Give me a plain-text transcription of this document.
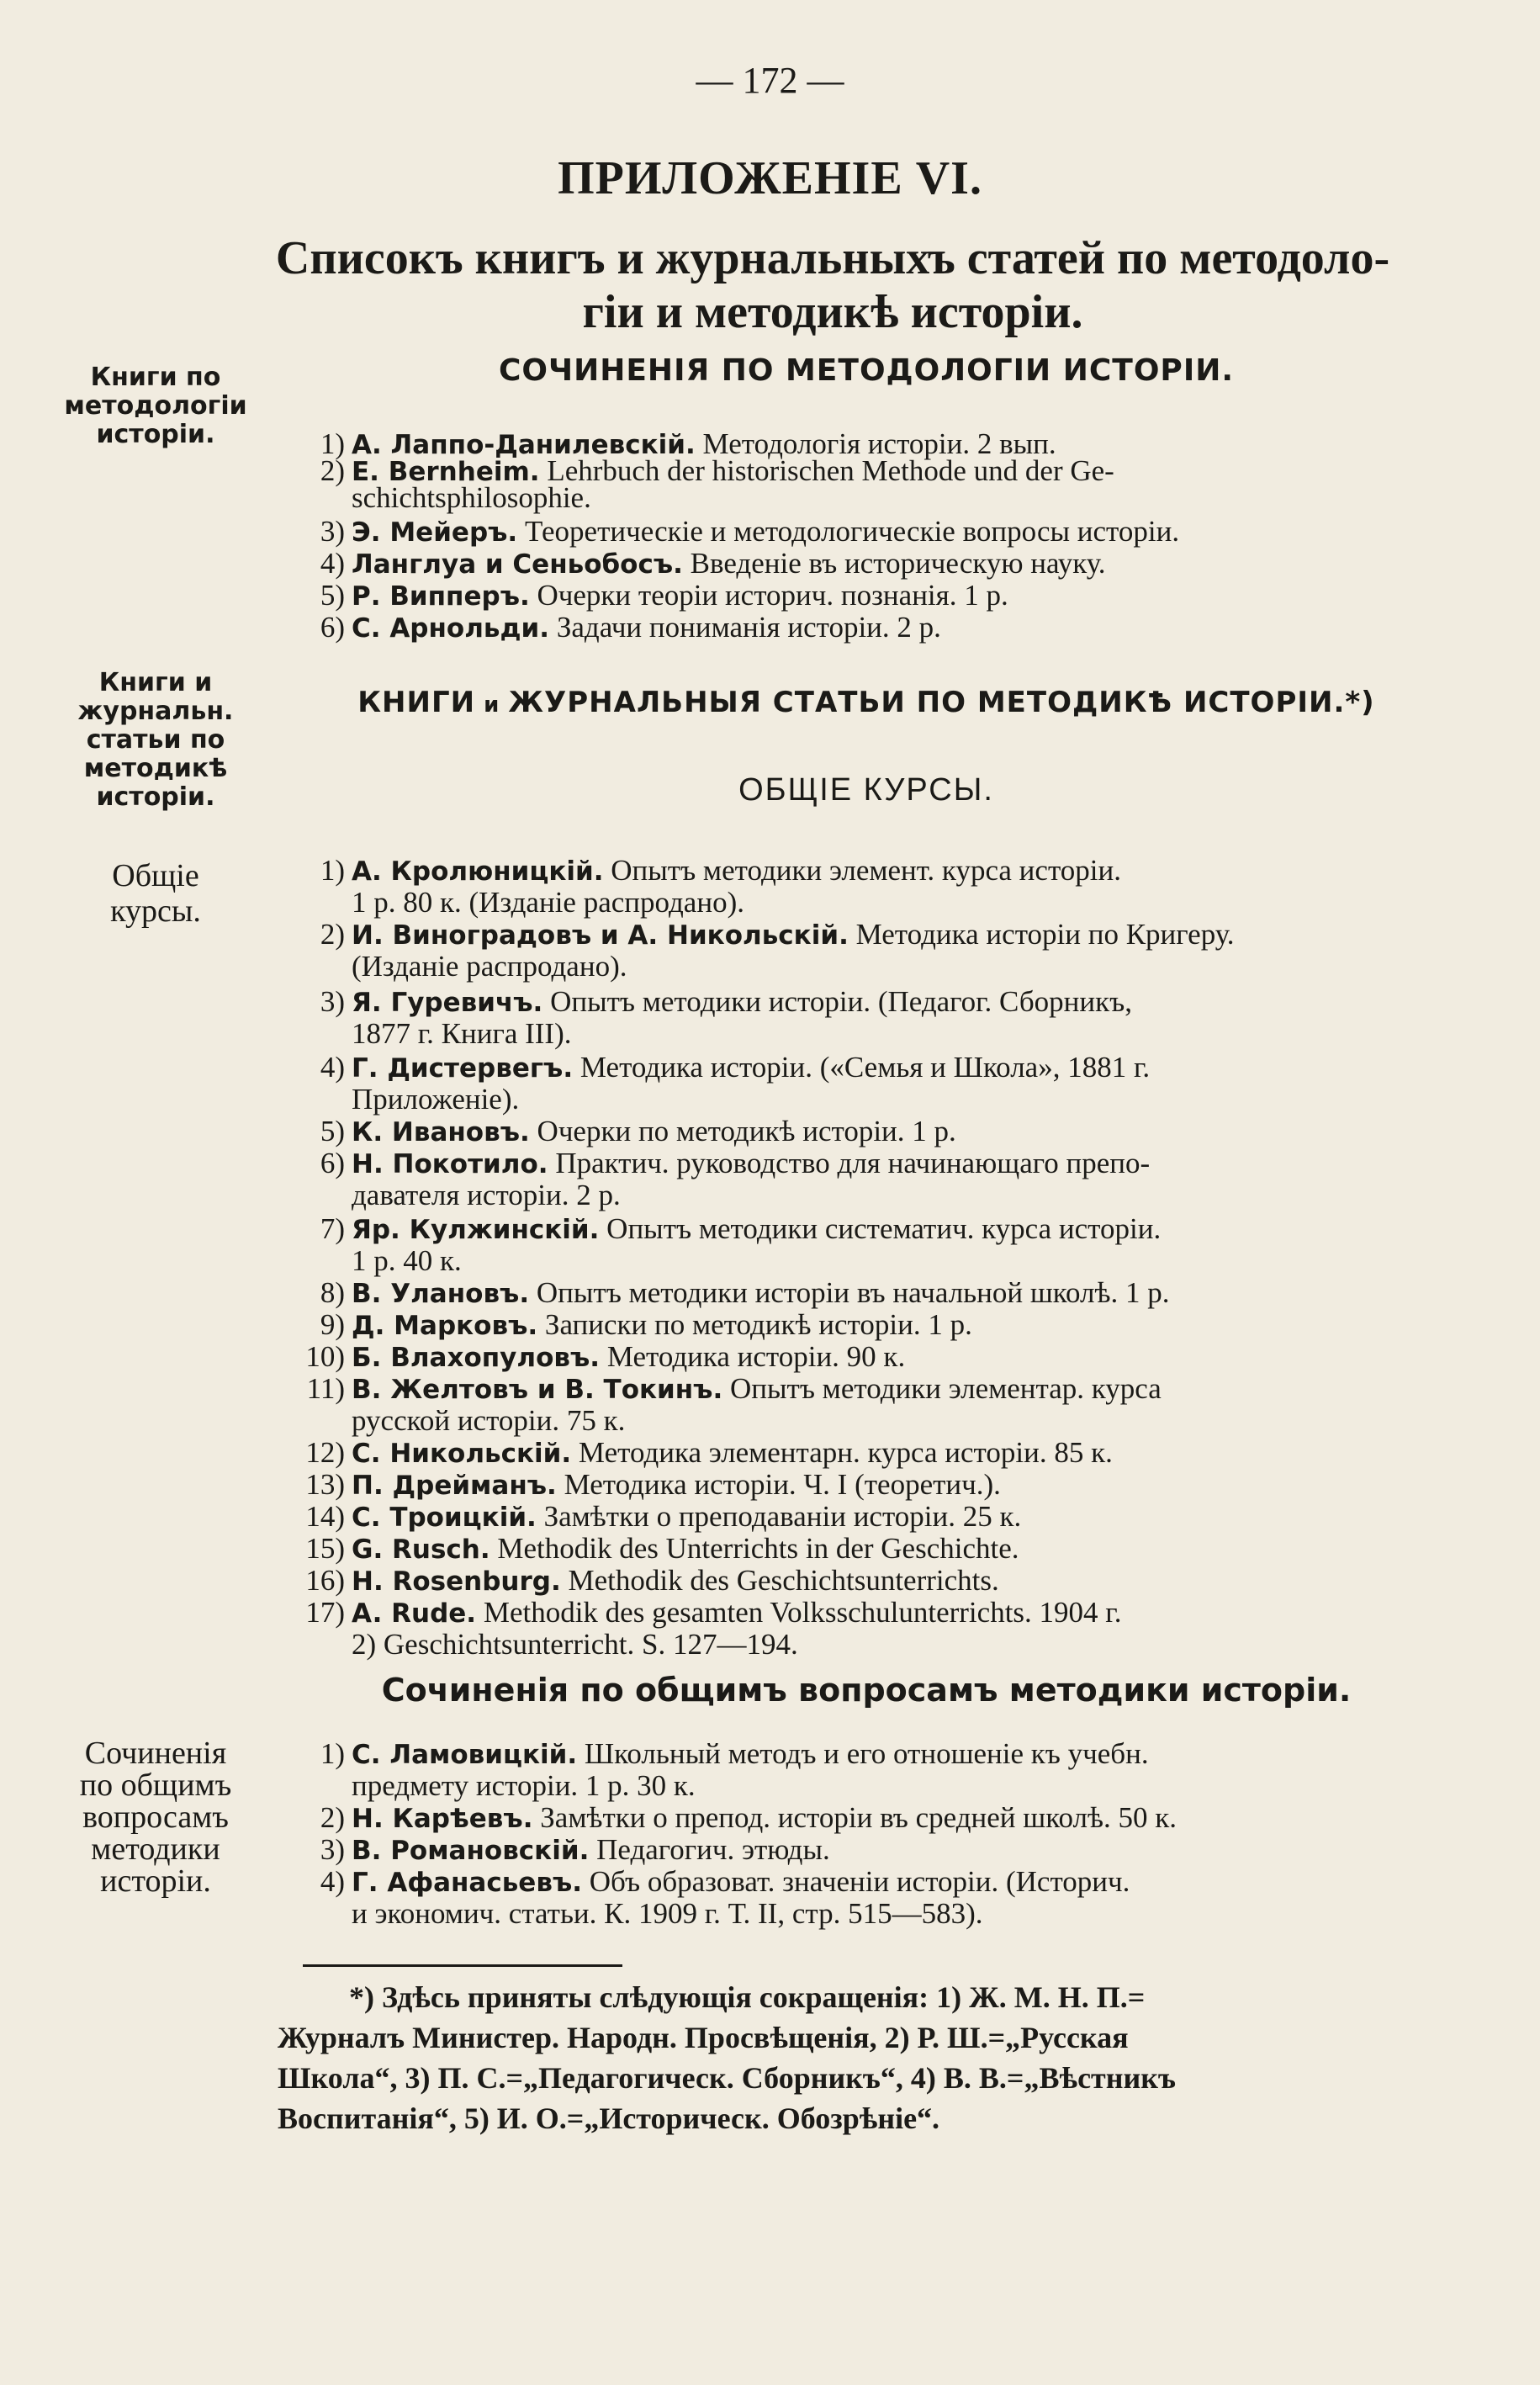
— 172 —
ПРИЛОЖЕНІЕ VI.
Списокъ книгъ и журнальныхъ статей по методоло-
гіи и методикѣ исторіи.
Книги по
методологіи
исторіи.
СОЧИНЕНІЯ ПО МЕТОДОЛОГІИ ИСТОРІИ.
1) А. Лаппо-Данилевскій. Методологія исторіи. 2 вып.
2) E. Bernheim. Lehrbuch der historischen Methode und der Ge-
schichtsphilosophie.
3) Э. Мейеръ. Теоретическіе и методологическіе вопросы исторіи.
4) Ланглуа и Сеньобосъ. Введеніе въ историческую науку.
5) Р. Випперъ. Очерки теоріи историч. познанія. 1 р.
6) С. Арнольди. Задачи пониманія исторіи. 2 р.
Книги и
журнальн.
статьи по
методикѣ
исторіи.
КНИГИ и ЖУРНАЛЬНЫЯ СТАТЬИ ПО МЕТОДИКѢ ИСТОРІИ.*)
ОБЩІЕ КУРСЫ.
Общіе
курсы.
1) А. Кролюницкій. Опытъ методики элемент. курса исторіи.
1 р. 80 к. (Изданіе распродано).
2) И. Виноградовъ и А. Никольскій. Методика исторіи по Кригеру.
(Изданіе распродано).
3) Я. Гуревичъ. Опытъ методики исторіи. (Педагог. Сборникъ,
1877 г. Книга III).
4) Г. Дистервегъ. Методика исторіи. («Семья и Школа», 1881 г.
Приложеніе).
5) К. Ивановъ. Очерки по методикѣ исторіи. 1 р.
6) Н. Покотило. Практич. руководство для начинающаго препо-
давателя исторіи. 2 р.
7) Яр. Кулжинскій. Опытъ методики систематич. курса исторіи.
1 р. 40 к.
8) В. Улановъ. Опытъ методики исторіи въ начальной школѣ. 1 р.
9) Д. Марковъ. Записки по методикѣ исторіи. 1 р.
10) Б. Влахопуловъ. Методика исторіи. 90 к.
11) В. Желтовъ и В. Токинъ. Опытъ методики элементар. курса
русской исторіи. 75 к.
12) С. Никольскій. Методика элементарн. курса исторіи. 85 к.
13) П. Дрейманъ. Методика исторіи. Ч. I (теоретич.).
14) С. Троицкій. Замѣтки о преподаваніи исторіи. 25 к.
15) G. Rusch. Methodik des Unterrichts in der Geschichte.
16) H. Rosenburg. Methodik des Geschichtsunterrichts.
17) A. Rude. Methodik des gesamten Volksschulunterrichts. 1904 г.
2) Geschichtsunterricht. S. 127—194.
Сочиненія по общимъ вопросамъ методики исторіи.
Сочиненія
по общимъ
вопросамъ
методики
исторіи.
1) С. Ламовицкій. Школьный методъ и его отношеніе къ учебн.
предмету исторіи. 1 р. 30 к.
2) Н. Карѣевъ. Замѣтки о препод. исторіи въ средней школѣ. 50 к.
3) В. Романовскій. Педагогич. этюды.
4) Г. Афанасьевъ. Объ образоват. значеніи исторіи. (Историч.
и экономич. статьи. К. 1909 г. Т. II, стр. 515—583).
*) Здѣсь приняты слѣдующія сокращенія: 1) Ж. М. Н. П.=
Журналъ Министер. Народн. Просвѣщенія, 2) Р. Ш.=„Русская
Школа“, 3) П. С.=„Педагогическ. Сборникъ“, 4) В. В.=„Вѣстникъ
Воспитанія“, 5) И. О.=„Историческ. Обозрѣніе“.
